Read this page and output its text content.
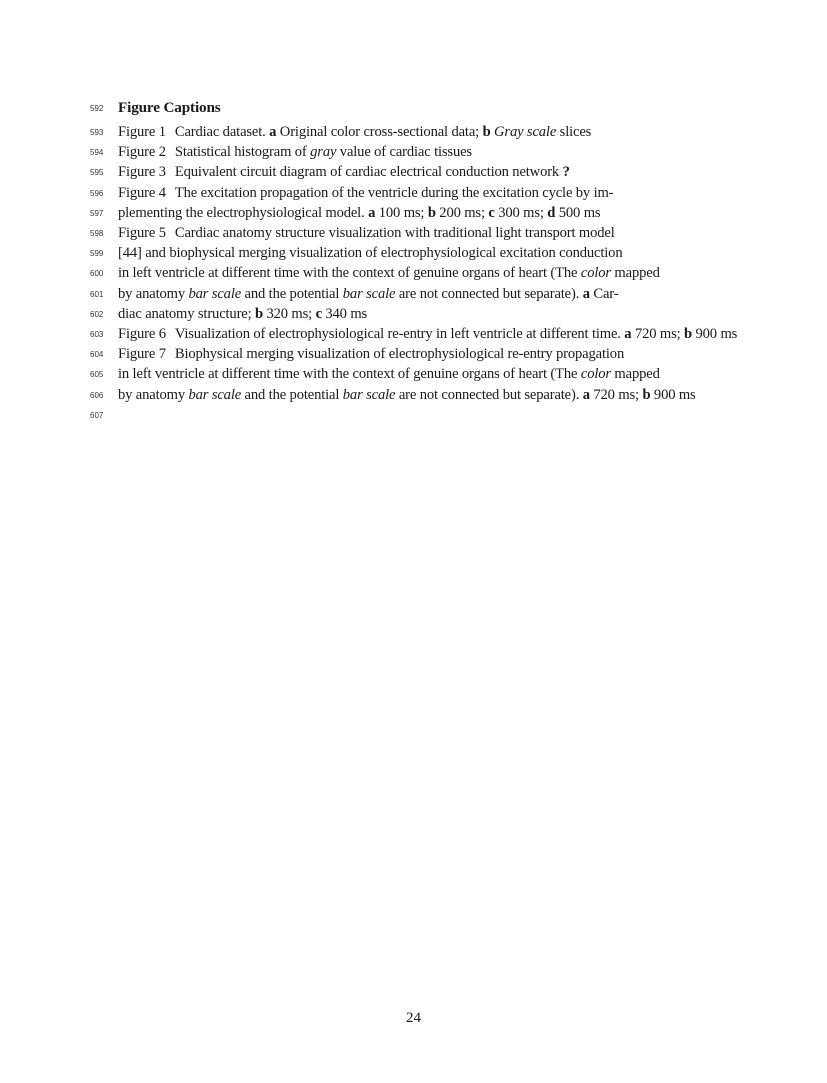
592 Figure Captions
593 Figure 1 Cardiac dataset. a Original color cross-sectional data; b Gray scale slices
594 Figure 2 Statistical histogram of gray value of cardiac tissues
595 Figure 3 Equivalent circuit diagram of cardiac electrical conduction network ?
596 Figure 4 The excitation propagation of the ventricle during the excitation cycle by im-
597 plementing the electrophysiological model. a 100 ms; b 200 ms; c 300 ms; d 500 ms
598 Figure 5 Cardiac anatomy structure visualization with traditional light transport model
599 [44] and biophysical merging visualization of electrophysiological excitation conduction
600 in left ventricle at different time with the context of genuine organs of heart (The color mapped
601 by anatomy bar scale and the potential bar scale are not connected but separate). a Car-
602 diac anatomy structure; b 320 ms; c 340 ms
603 Figure 6 Visualization of electrophysiological re-entry in left ventricle at different time. a 720 ms; b 900 ms
604 Figure 7 Biophysical merging visualization of electrophysiological re-entry propagation
605 in left ventricle at different time with the context of genuine organs of heart (The color mapped
606 by anatomy bar scale and the potential bar scale are not connected but separate). a 720 ms; b 900 ms
607
24
